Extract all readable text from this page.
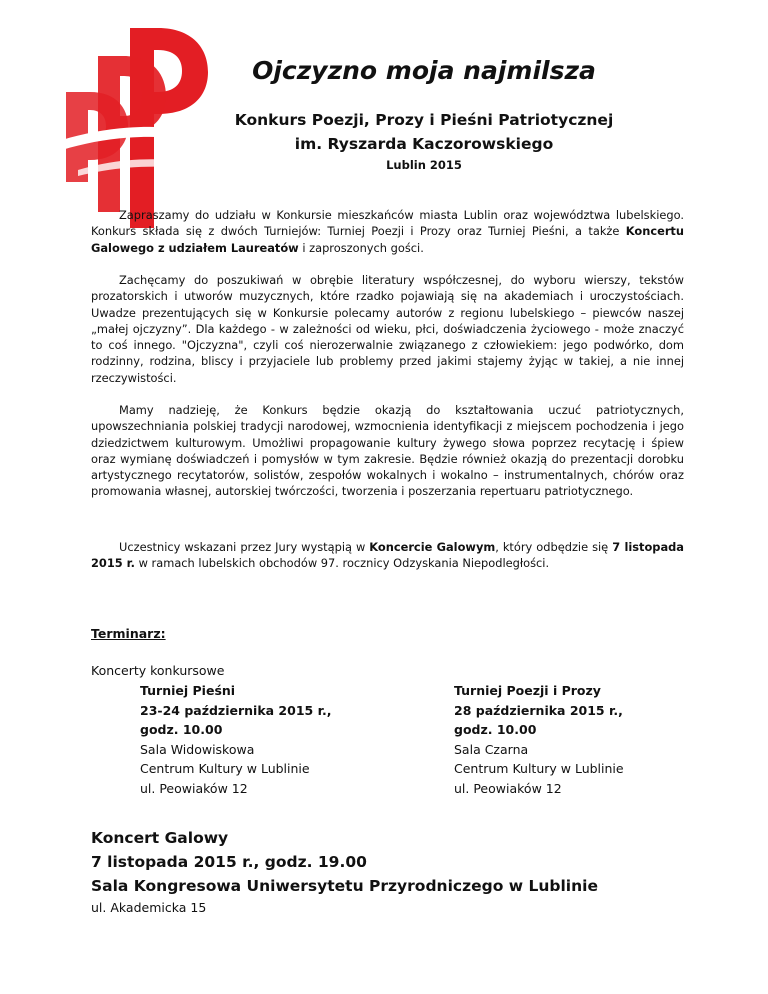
Ojczyzno moja najmilsza
Konkurs Poezji, Prozy i Pieśni Patriotycznej
im. Ryszarda Kaczorowskiego
Lublin 2015

Zapraszamy do udziału w Konkursie mieszkańców miasta Lublin oraz województwa lubelskiego. Konkurs składa się z dwóch Turniejów: Turniej Poezji i Prozy oraz Turniej Pieśni, a także Koncertu Galowego z udziałem Laureatów i zaproszonych gości.

Zachęcamy do poszukiwań w obrębie literatury współczesnej, do wyboru wierszy, tekstów prozatorskich i utworów muzycznych, które rzadko pojawiają się na akademiach i uroczystościach. Uwadze prezentujących się w Konkursie polecamy autorów z regionu lubelskiego – piewców naszej „małej ojczyzny”. Dla każdego - w zależności od wieku, płci, doświadczenia życiowego - może znaczyć to coś innego. "Ojczyzna", czyli coś nierozerwalnie związanego z człowiekiem: jego podwórko, dom rodzinny, rodzina, bliscy i przyjaciele lub problemy przed jakimi stajemy żyjąc w takiej, a nie innej rzeczywistości.

Mamy nadzieję, że Konkurs będzie okazją do kształtowania uczuć patriotycznych, upowszechniania polskiej tradycji narodowej, wzmocnienia identyfikacji z miejscem pochodzenia i jego dziedzictwem kulturowym. Umożliwi propagowanie kultury żywego słowa poprzez recytację i śpiew oraz wymianę doświadczeń i pomysłów w tym zakresie. Będzie również okazją do prezentacji dorobku artystycznego recytatorów, solistów, zespołów wokalnych i wokalno – instrumentalnych, chórów oraz promowania własnej, autorskiej twórczości, tworzenia i poszerzania repertuaru patriotycznego.

Uczestnicy wskazani przez Jury wystąpią w Koncercie Galowym, który odbędzie się 7 listopada 2015 r. w ramach lubelskich obchodów 97. rocznicy Odzyskania Niepodległości.

Terminarz:
Koncerty konkursowe
Turniej Pieśni
23-24 października 2015 r.,
godz. 10.00
Sala Widowiskowa
Centrum Kultury w Lublinie
ul. Peowiaków 12
Turniej Poezji i Prozy
28 października 2015 r.,
godz. 10.00
Sala Czarna
Centrum Kultury w Lublinie
ul. Peowiaków 12
Koncert Galowy
7 listopada 2015 r., godz. 19.00
Sala Kongresowa Uniwersytetu Przyrodniczego w Lublinie
ul. Akademicka 15
